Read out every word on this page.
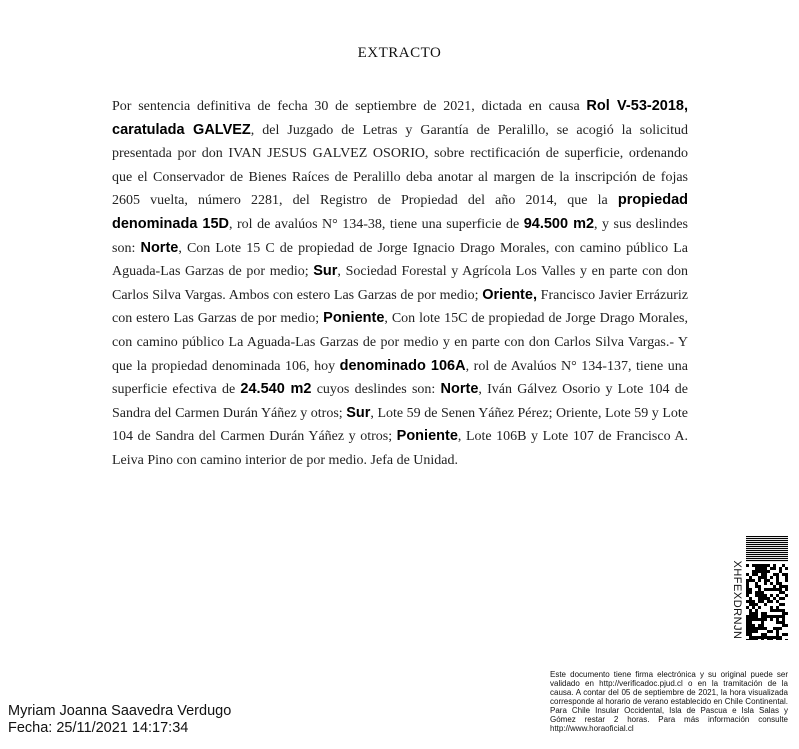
EXTRACTO
Por sentencia definitiva de fecha 30 de septiembre de 2021, dictada en causa Rol V-53-2018, caratulada GALVEZ, del Juzgado de Letras y Garantía de Peralillo, se acogió la solicitud presentada por don IVAN JESUS GALVEZ OSORIO, sobre rectificación de superficie, ordenando que el Conservador de Bienes Raíces de Peralillo deba anotar al margen de la inscripción de fojas 2605 vuelta, número 2281, del Registro de Propiedad del año 2014, que la propiedad denominada 15D, rol de avalúos N° 134-38, tiene una superficie de 94.500 m2, y sus deslindes son: Norte, Con Lote 15 C de propiedad de Jorge Ignacio Drago Morales, con camino público La Aguada-Las Garzas de por medio; Sur, Sociedad Forestal y Agrícola Los Valles y en parte con don Carlos Silva Vargas. Ambos con estero Las Garzas de por medio; Oriente, Francisco Javier Errázuriz con estero Las Garzas de por medio; Poniente, Con lote 15C de propiedad de Jorge Drago Morales, con camino público La Aguada-Las Garzas de por medio y en parte con don Carlos Silva Vargas.- Y que la propiedad denominada 106, hoy denominado 106A, rol de Avalúos N° 134-137, tiene una superficie efectiva de 24.540 m2 cuyos deslindes son: Norte, Iván Gálvez Osorio y Lote 104 de Sandra del Carmen Durán Yáñez y otros; Sur, Lote 59 de Senen Yáñez Pérez; Oriente, Lote 59 y Lote 104 de Sandra del Carmen Durán Yáñez y otros; Poniente, Lote 106B y Lote 107 de Francisco A. Leiva Pino con camino interior de por medio. Jefa de Unidad.
XHFEXDRNJN
Este documento tiene firma electrónica y su original puede ser validado en http://verificadoc.pjud.cl o en la tramitación de la causa. A contar del 05 de septiembre de 2021, la hora visualizada corresponde al horario de verano establecido en Chile Continental. Para Chile Insular Occidental, Isla de Pascua e Isla Salas y Gómez restar 2 horas. Para más información consulte http://www.horaoficial.cl
Myriam Joanna Saavedra Verdugo
Fecha: 25/11/2021 14:17:34
